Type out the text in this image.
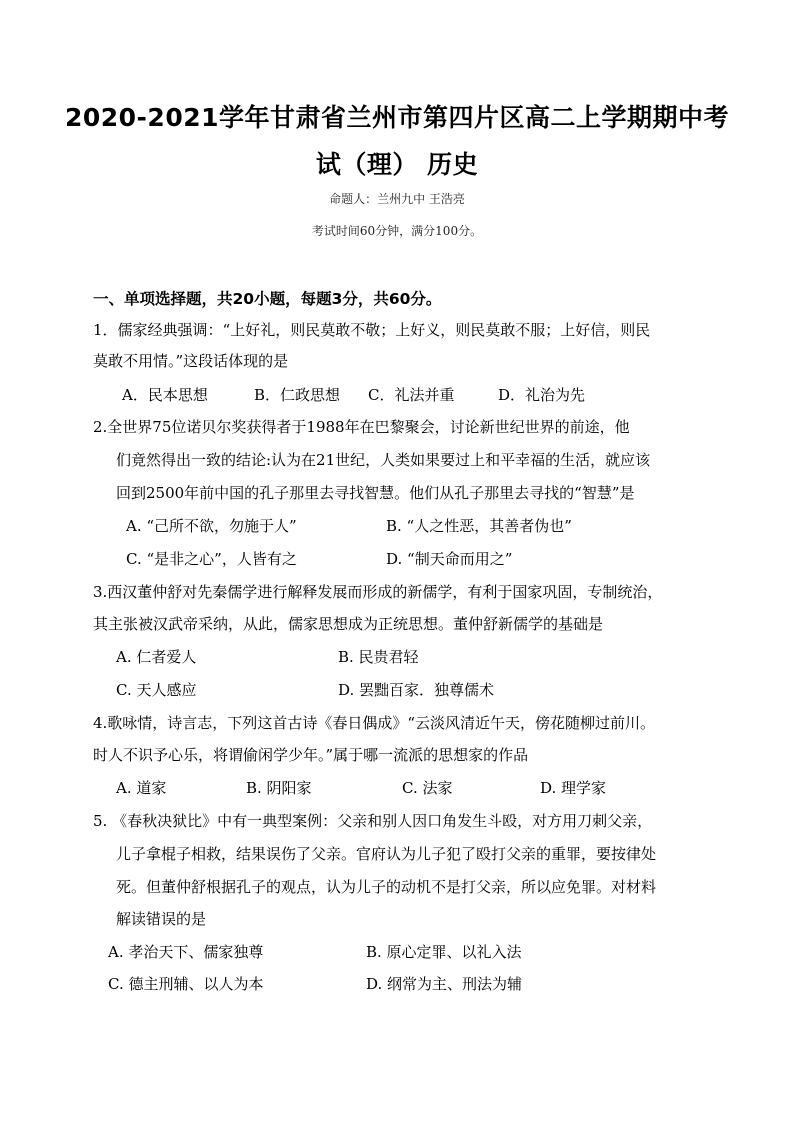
2020-2021学年甘肃省兰州市第四片区高二上学期期中考
试（理） 历史
命题人：兰州九中 王浩亮
考试时间60分钟，满分100分。
一、单项选择题，共20小题，每题3分，共60分。
1．儒家经典强调：“上好礼，则民莫敢不敬；上好义，则民莫敢不服；上好信，则民
莫敢不用情。”这段话体现的是
A．民本思想	B．仁政思想 C．礼法并重	D．礼治为先
2.全世界75位诺贝尔奖获得者于1988年在巴黎聚会，讨论新世纪世界的前途，他
们竟然得出一致的结论:认为在21世纪，人类如果要过上和平幸福的生活，就应该
回到2500年前中国的孔子那里去寻找智慧。他们从孔子那里去寻找的“智慧”是
A. “己所不欲，勿施于人”	B. “人之性恶，其善者伪也”
C. “是非之心”，人皆有之	D. “制天命而用之”
3.西汉董仲舒对先秦儒学进行解释发展而形成的新儒学，有利于国家巩固，专制统治，
其主张被汉武帝采纳，从此，儒家思想成为正统思想。董仲舒新儒学的基础是
A. 仁者爱人	B. 民贵君轻
C. 天人感应	D. 罢黜百家．独尊儒术
4.歌咏情，诗言志，下列这首古诗《春日偶成》“云淡风清近午天，傍花随柳过前川。
时人不识予心乐，将谓偷闲学少年。”属于哪一流派的思想家的作品
A. 道家	B. 阴阳家	C. 法家	D. 理学家
5. 《春秋决狱比》中有一典型案例：父亲和别人因口角发生斗殴，对方用刀刺父亲，
儿子拿棍子相救，结果误伤了父亲。官府认为儿子犯了殴打父亲的重罪，要按律处
死。但董仲舒根据孔子的观点，认为儿子的动机不是打父亲，所以应免罪。对材料
解读错误的是
A. 孝治天下、儒家独尊	B. 原心定罪、以礼入法
C. 德主刑辅、以人为本	D. 纲常为主、刑法为辅
